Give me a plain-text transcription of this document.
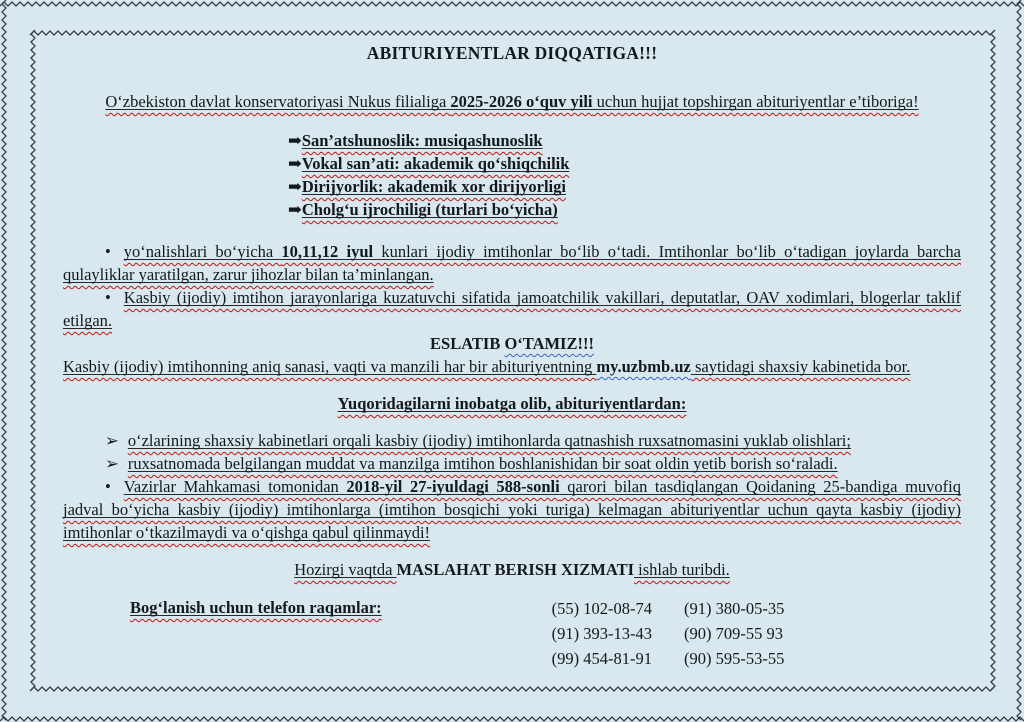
ABITURIYENTLAR DIQQATIGA!!!

O‘zbekiston davlat konservatoriyasi Nukus filialiga 2025-2026 o‘quv yili uchun hujjat topshirgan abituriyentlar e’tiboriga!

➡San’atshunoslik: musiqashunoslik
➡Vokal san’ati: akademik qo‘shiqchilik
➡Dirijyorlik: akademik xor dirijyorligi
➡Cholg‘u ijrochiligi (turlari bo‘yicha)

• yo‘nalishlari bo‘yicha 10,11,12 iyul kunlari ijodiy imtihonlar bo‘lib o‘tadi. Imtihonlar bo‘lib o‘tadigan joylarda barcha qulayliklar yaratilgan, zarur jihozlar bilan ta’minlangan.

• Kasbiy (ijodiy) imtihon jarayonlariga kuzatuvchi sifatida jamoatchilik vakillari, deputatlar, OAV xodimlari, blogerlar taklif etilgan.

ESLATIB O‘TAMIZ!!!

Kasbiy (ijodiy) imtihonning aniq sanasi, vaqti va manzili har bir abituriyentning my.uzbmb.uz saytidagi shaxsiy kabinetida bor.

Yuqoridagilarni inobatga olib, abituriyentlardan:

➢ o‘zlarining shaxsiy kabinetlari orqali kasbiy (ijodiy) imtihonlarda qatnashish ruxsatnomasini yuklab olishlari;

➢ ruxsatnomada belgilangan muddat va manzilga imtihon boshlanishidan bir soat oldin yetib borish so‘raladi.

• Vazirlar Mahkamasi tomonidan 2018-yil 27-iyuldagi 588-sonli qarori bilan tasdiqlangan Qoidaning 25-bandiga muvofiq jadval bo‘yicha kasbiy (ijodiy) imtihonlarga (imtihon bosqichi yoki turiga) kelmagan abituriyentlar uchun qayta kasbiy (ijodiy) imtihonlar o‘tkazilmaydi va o‘qishga qabul qilinmaydi!

Hozirgi vaqtda MASLAHAT BERISH XIZMATI ishlab turibdi.

Bog‘lanish uchun telefon raqamlar:	(55) 102-08-74 (91) 380-05-35
(91) 393-13-43 (90) 709-55 93
(99) 454-81-91 (90) 595-53-55
